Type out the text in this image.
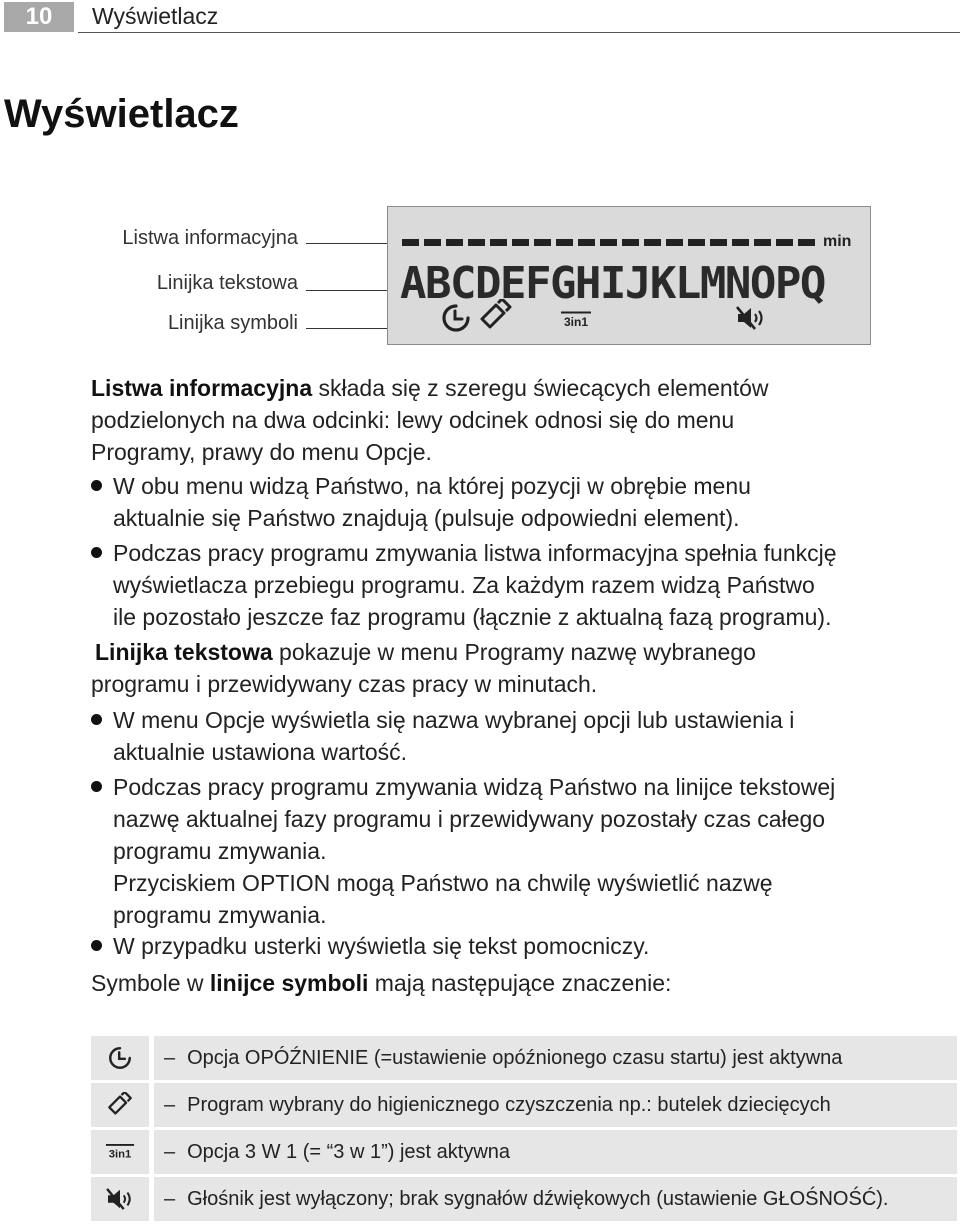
10	Wyświetlacz
Wyświetlacz
Listwa informacyjna
Linijka tekstowa
Linijka symboli
min
ABCDEFGHIJKLMNOPQ
3in1

Listwa informacyjna składa się z szeregu świecących elementów
podzielonych na dwa odcinki: lewy odcinek odnosi się do menu
Programy, prawy do menu Opcje.

W obu menu widzą Państwo, na której pozycji w obrębie menu
aktualnie się Państwo znajdują (pulsuje odpowiedni element).
Podczas pracy programu zmywania listwa informacyjna spełnia funkcję
wyświetlacza przebiegu programu. Za każdym razem widzą Państwo
ile pozostało jeszcze faz programu (łącznie z aktualną fazą programu).

Linijka tekstowa pokazuje w menu Programy nazwę wybranego
programu i przewidywany czas pracy w minutach.

W menu Opcje wyświetla się nazwa wybranej opcji lub ustawienia i
aktualnie ustawiona wartość.
Podczas pracy programu zmywania widzą Państwo na linijce tekstowej
nazwę aktualnej fazy programu i przewidywany pozostały czas całego
programu zmywania.
Przyciskiem OPTION mogą Państwo na chwilę wyświetlić nazwę
programu zmywania.
W przypadku usterki wyświetla się tekst pomocniczy.

Symbole w linijce symboli mają następujące znaczenie:

– Opcja OPÓŹNIENIE (=ustawienie opóźnionego czasu startu) jest aktywna
– Program wybrany do higienicznego czyszczenia np.: butelek dziecięcych
3in1 – Opcja 3 W 1 (= “3 w 1”) jest aktywna
– Głośnik jest wyłączony; brak sygnałów dźwiękowych (ustawienie GŁOŚNOŚĆ).
